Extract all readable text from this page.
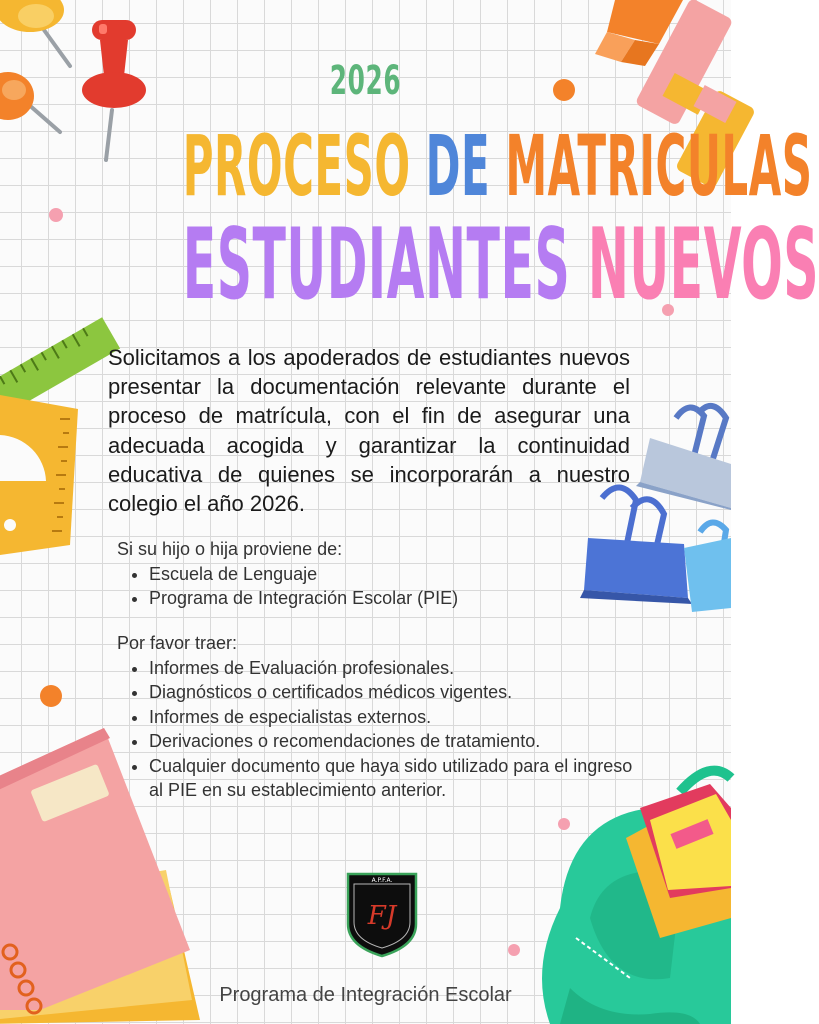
2026
PROCESO DE MATRICULAS
ESTUDIANTES NUEVOS

Solicitamos a los apoderados de estudiantes nuevos presentar la documentación relevante durante el proceso de matrícula, con el fin de asegurar una adecuada acogida y garantizar la continuidad educativa de quienes se incorporarán a nuestro colegio el año 2026.

Si su hijo o hija proviene de:
• Escuela de Lenguaje
• Programa de Integración Escolar (PIE)
Por favor traer:
• Informes de Evaluación profesionales.
• Diagnósticos o certificados médicos vigentes.
• Informes de especialistas externos.
• Derivaciones o recomendaciones de tratamiento.
• Cualquier documento que haya sido utilizado para el ingreso al PIE en su establecimiento anterior.
A.P.F.A.
FJ
Programa de Integración Escolar
